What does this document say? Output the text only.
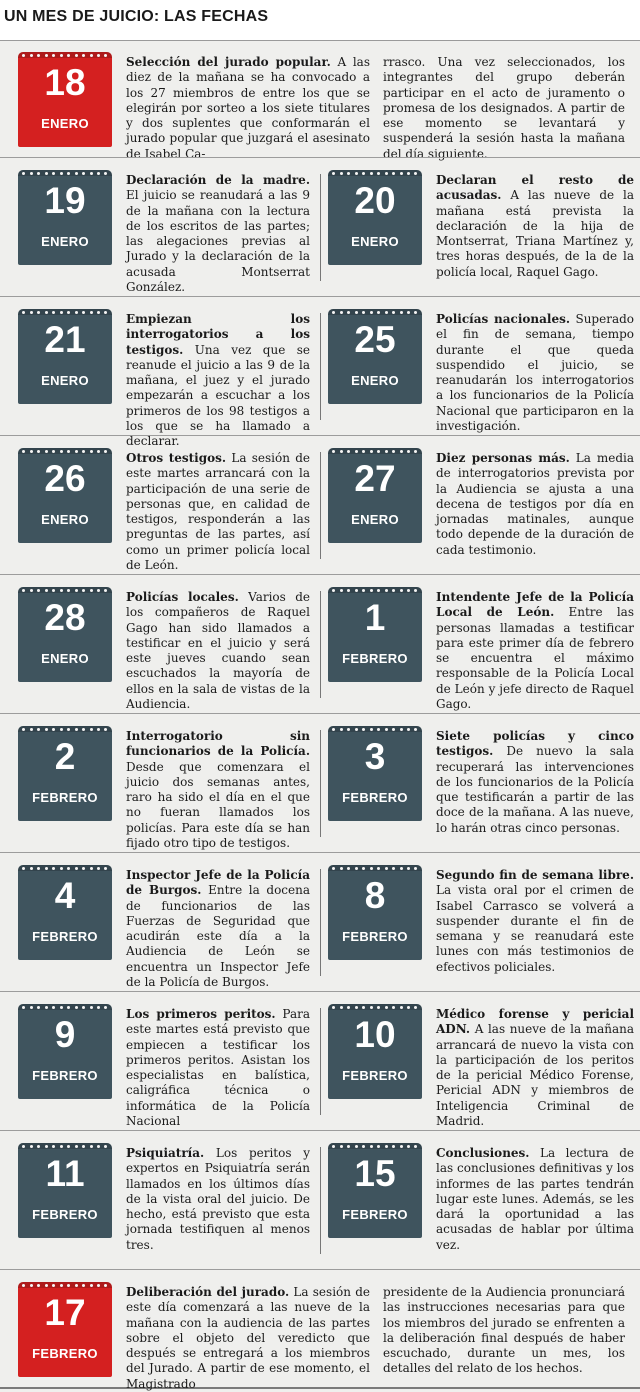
UN MES DE JUICIO: LAS FECHAS
18
ENERO

Selección del jurado popular. A las diez de la mañana se ha convocado a los 27 miembros de entre los que se elegirán por sorteo a los siete titulares y dos suplentes que conformarán el jurado popular que juzgará el asesinato de Isabel Ca-

rrasco. Una vez seleccionados, los integrantes del grupo deberán participar en el acto de juramento o promesa de los designados. A partir de ese momento se levantará y suspenderá la sesión hasta la mañana del día siguiente.

19
ENERO

Declaración de la madre. El juicio se reanudará a las 9 de la mañana con la lectura de los escritos de las partes; las alegaciones previas al Jurado y la declaración de la acusada Montserrat González.

20
ENERO

Declaran el resto de acusadas. A las nueve de la mañana está prevista la declaración de la hija de Montserrat, Triana Martínez y, tres horas después, de la de la policía local, Raquel Gago.

21
ENERO

Empiezan los interrogatorios a los testigos. Una vez que se reanude el juicio a las 9 de la mañana, el juez y el jurado empezarán a escuchar a los primeros de los 98 testigos a los que se ha llamado a declarar.

25
ENERO

Policías nacionales. Superado el fin de semana, tiempo durante el que queda suspendido el juicio, se reanudarán los interrogatorios a los funcionarios de la Policía Nacional que participaron en la investigación.

26
ENERO

Otros testigos. La sesión de este martes arrancará con la participación de una serie de personas que, en calidad de testigos, responderán a las preguntas de las partes, así como un primer policía local de León.

27
ENERO

Diez personas más. La media de interrogatorios prevista por la Audiencia se ajusta a una decena de testigos por día en jornadas matinales, aunque todo depende de la duración de cada testimonio.

28
ENERO

Policías locales. Varios de los compañeros de Raquel Gago han sido llamados a testificar en el juicio y será este jueves cuando sean escuchados la mayoría de ellos en la sala de vistas de la Audiencia.

1
FEBRERO

Intendente Jefe de la Policía Local de León. Entre las personas llamadas a testificar para este primer día de febrero se encuentra el máximo responsable de la Policía Local de León y jefe directo de Raquel Gago.

2
FEBRERO

Interrogatorio sin funcionarios de la Policía. Desde que comenzara el juicio dos semanas antes, raro ha sido el día en el que no fueran llamados los policías. Para este día se han fijado otro tipo de testigos.

3
FEBRERO

Siete policías y cinco testigos. De nuevo la sala recuperará las intervenciones de los funcionarios de la Policía que testificarán a partir de las doce de la mañana. A las nueve, lo harán otras cinco personas.

4
FEBRERO

Inspector Jefe de la Policía de Burgos. Entre la docena de funcionarios de las Fuerzas de Seguridad que acudirán este día a la Audiencia de León se encuentra un Inspector Jefe de la Policía de Burgos.

8
FEBRERO

Segundo fin de semana libre. La vista oral por el crimen de Isabel Carrasco se volverá a suspender durante el fin de semana y se reanudará este lunes con más testimonios de efectivos policiales.

9
FEBRERO

Los primeros peritos. Para este martes está previsto que empiecen a testificar los primeros peritos. Asistan los especialistas en balística, caligráfica técnica o informática de la Policía Nacional

10
FEBRERO

Médico forense y pericial ADN. A las nueve de la mañana arrancará de nuevo la vista con la participación de los peritos de la pericial Médico Forense, Pericial ADN y miembros de Inteligencia Criminal de Madrid.

11
FEBRERO

Psiquiatría. Los peritos y expertos en Psiquiatría serán llamados en los últimos días de la vista oral del juicio. De hecho, está previsto que esta jornada testifiquen al menos tres.

15
FEBRERO

Conclusiones. La lectura de las conclusiones definitivas y los informes de las partes tendrán lugar este lunes. Además, se les dará la oportunidad a las acusadas de hablar por última vez.

17
FEBRERO

Deliberación del jurado. La sesión de este día comenzará a las nueve de la mañana con la audiencia de las partes sobre el objeto del veredicto que después se entregará a los miembros del Jurado. A partir de ese momento, el Magistrado

presidente de la Audiencia pronunciará las instrucciones necesarias para que los miembros del jurado se enfrenten a la deliberación final después de haber escuchado, durante un mes, los detalles del relato de los hechos.
